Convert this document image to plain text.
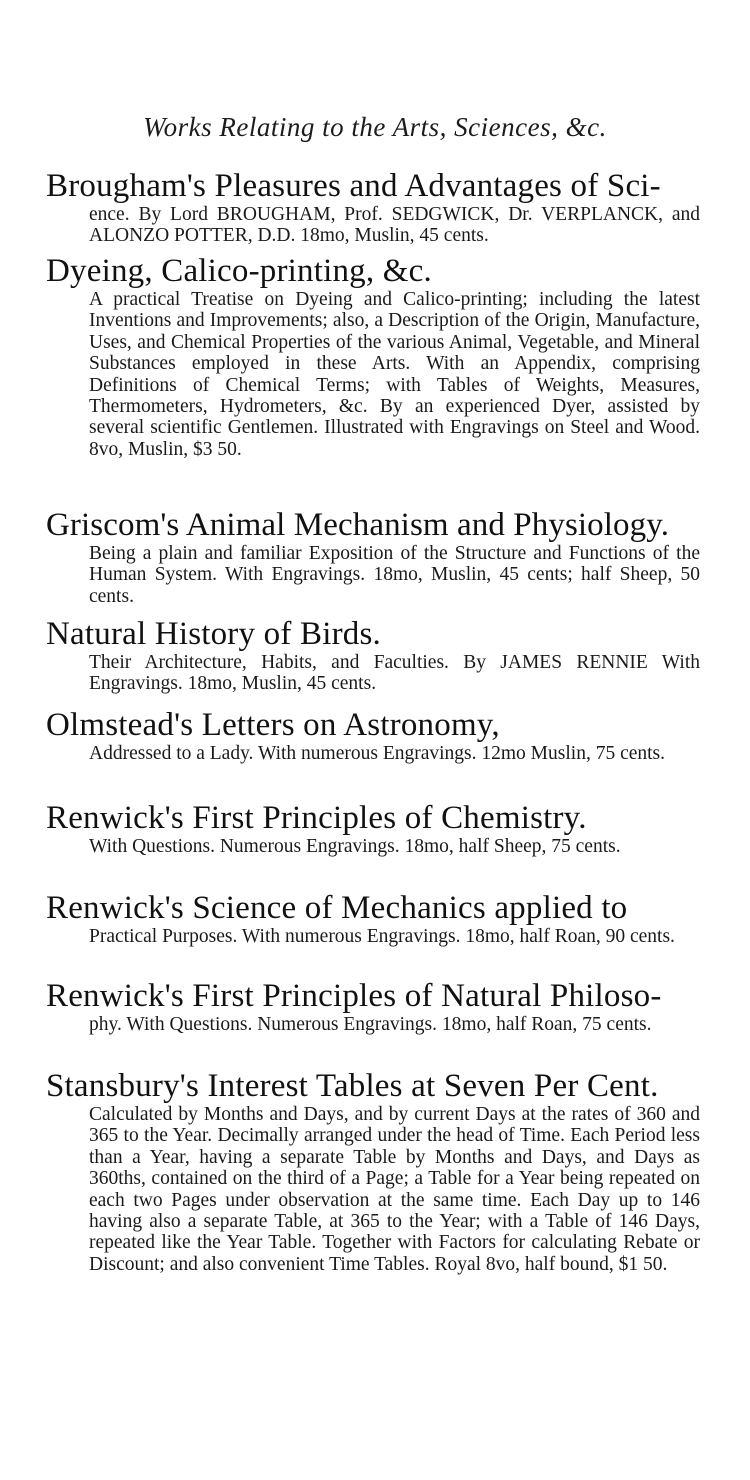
Works Relating to the Arts, Sciences, &c.
Brougham's Pleasures and Advantages of Sci-
ence. By Lord BROUGHAM, Prof. SEDGWICK, Dr. VERPLANCK, and ALONZO POTTER, D.D. 18mo, Muslin, 45 cents.
Dyeing, Calico-printing, &c.
A practical Treatise on Dyeing and Calico-printing; including the latest Inventions and Improvements; also, a Description of the Origin, Manufacture, Uses, and Chemical Properties of the various Animal, Vegetable, and Mineral Substances employed in these Arts. With an Appendix, comprising Definitions of Chemical Terms; with Tables of Weights, Measures, Thermometers, Hydrometers, &c. By an experienced Dyer, assisted by several scientific Gentlemen. Illustrated with Engravings on Steel and Wood. 8vo, Muslin, $3 50.
Griscom's Animal Mechanism and Physiology.
Being a plain and familiar Exposition of the Structure and Functions of the Human System. With Engravings. 18mo, Muslin, 45 cents; half Sheep, 50 cents.
Natural History of Birds.
Their Architecture, Habits, and Faculties. By JAMES RENNIE With Engravings. 18mo, Muslin, 45 cents.
Olmstead's Letters on Astronomy,
Addressed to a Lady. With numerous Engravings. 12mo Muslin, 75 cents.
Renwick's First Principles of Chemistry.
With Questions. Numerous Engravings. 18mo, half Sheep, 75 cents.
Renwick's Science of Mechanics applied to
Practical Purposes. With numerous Engravings. 18mo, half Roan, 90 cents.
Renwick's First Principles of Natural Philoso-
phy. With Questions. Numerous Engravings. 18mo, half Roan, 75 cents.
Stansbury's Interest Tables at Seven Per Cent.
Calculated by Months and Days, and by current Days at the rates of 360 and 365 to the Year. Decimally arranged under the head of Time. Each Period less than a Year, having a separate Table by Months and Days, and Days as 360ths, contained on the third of a Page; a Table for a Year being repeated on each two Pages under observation at the same time. Each Day up to 146 having also a separate Table, at 365 to the Year; with a Table of 146 Days, repeated like the Year Table. Together with Factors for calculating Rebate or Discount; and also convenient Time Tables. Royal 8vo, half bound, $1 50.
